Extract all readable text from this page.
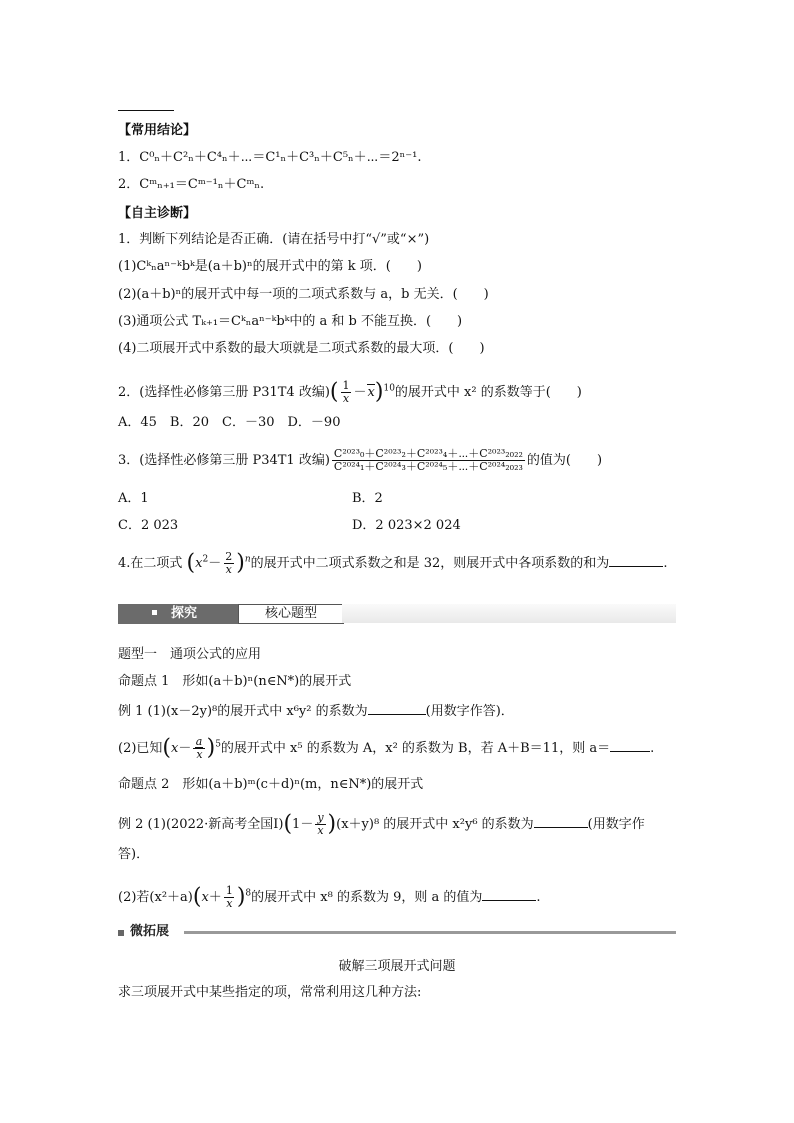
【常用结论】
1．C⁰ₙ＋C²ₙ＋C⁴ₙ＋⋯＝C¹ₙ＋C³ₙ＋C⁵ₙ＋⋯＝2ⁿ⁻¹.
2．Cᵐₙ₊₁＝Cᵐ⁻¹ₙ＋Cᵐₙ.
【自主诊断】
1．判断下列结论是否正确．(请在括号中打“√”或“×”)
(1)Cᵏₙaⁿ⁻ᵏbᵏ是(a＋b)ⁿ的展开式中的第 k 项．(　　)
(2)(a＋b)ⁿ的展开式中每一项的二项式系数与 a，b 无关．(　　)
(3)通项公式 Tₖ₊₁＝Cᵏₙaⁿ⁻ᵏbᵏ中的 a 和 b 不能互换．(　　)
(4)二项展开式中系数的最大项就是二项式系数的最大项．(　　)
2．(选择性必修第三册 P31T4 改编)( $\frac{1}{x} -x)^{10}$的展开式中 x² 的系数等于(　　)
A．45　B．20　C．－30　D．－90
3．(选择性必修第三册 P34T1 改编) $\frac{\text{C²⁰²³₀＋C²⁰²³₂＋C²⁰²³₄＋⋯＋C²⁰²³₂₀₂₂}}{\text{C²⁰²⁴₁＋C²⁰²⁴₃＋C²⁰²⁴₅＋⋯＋C²⁰²⁴₂₀₂₃}}$ 的值为(　　)
A．1	B．2
C．2 023	D．2 023×2 024
4.在二项式 $(x^2- \frac{2}{x} )^n$的展开式中二项式系数之和是 32，则展开式中各项系数的和为	.
探究	核心题型
题型一　通项公式的应用
命题点 1　形如(a＋b)ⁿ(n∈N*)的展开式
例 1 (1)(x－2y)⁸的展开式中 x⁶y² 的系数为	(用数字作答)．
(2)已知$(x- \frac{a}{x} )^5$的展开式中 x⁵ 的系数为 A，x² 的系数为 B，若 A＋B＝11，则 a＝	.
命题点 2　形如(a＋b)ᵐ(c＋d)ⁿ(m，n∈N*)的展开式
例 2 (1)(2022·新高考全国Ⅰ)(1－ $\frac{y}{x} )(x+y)^8$ 的展开式中 x²y⁶ 的系数为	(用数字作
答)．
(2)若$(x^2+a)(x+ \frac{1}{x} )^8$的展开式中 x⁸ 的系数为 9，则 a 的值为	.
微拓展
破解三项展开式问题
求三项展开式中某些指定的项，常常利用这几种方法:
